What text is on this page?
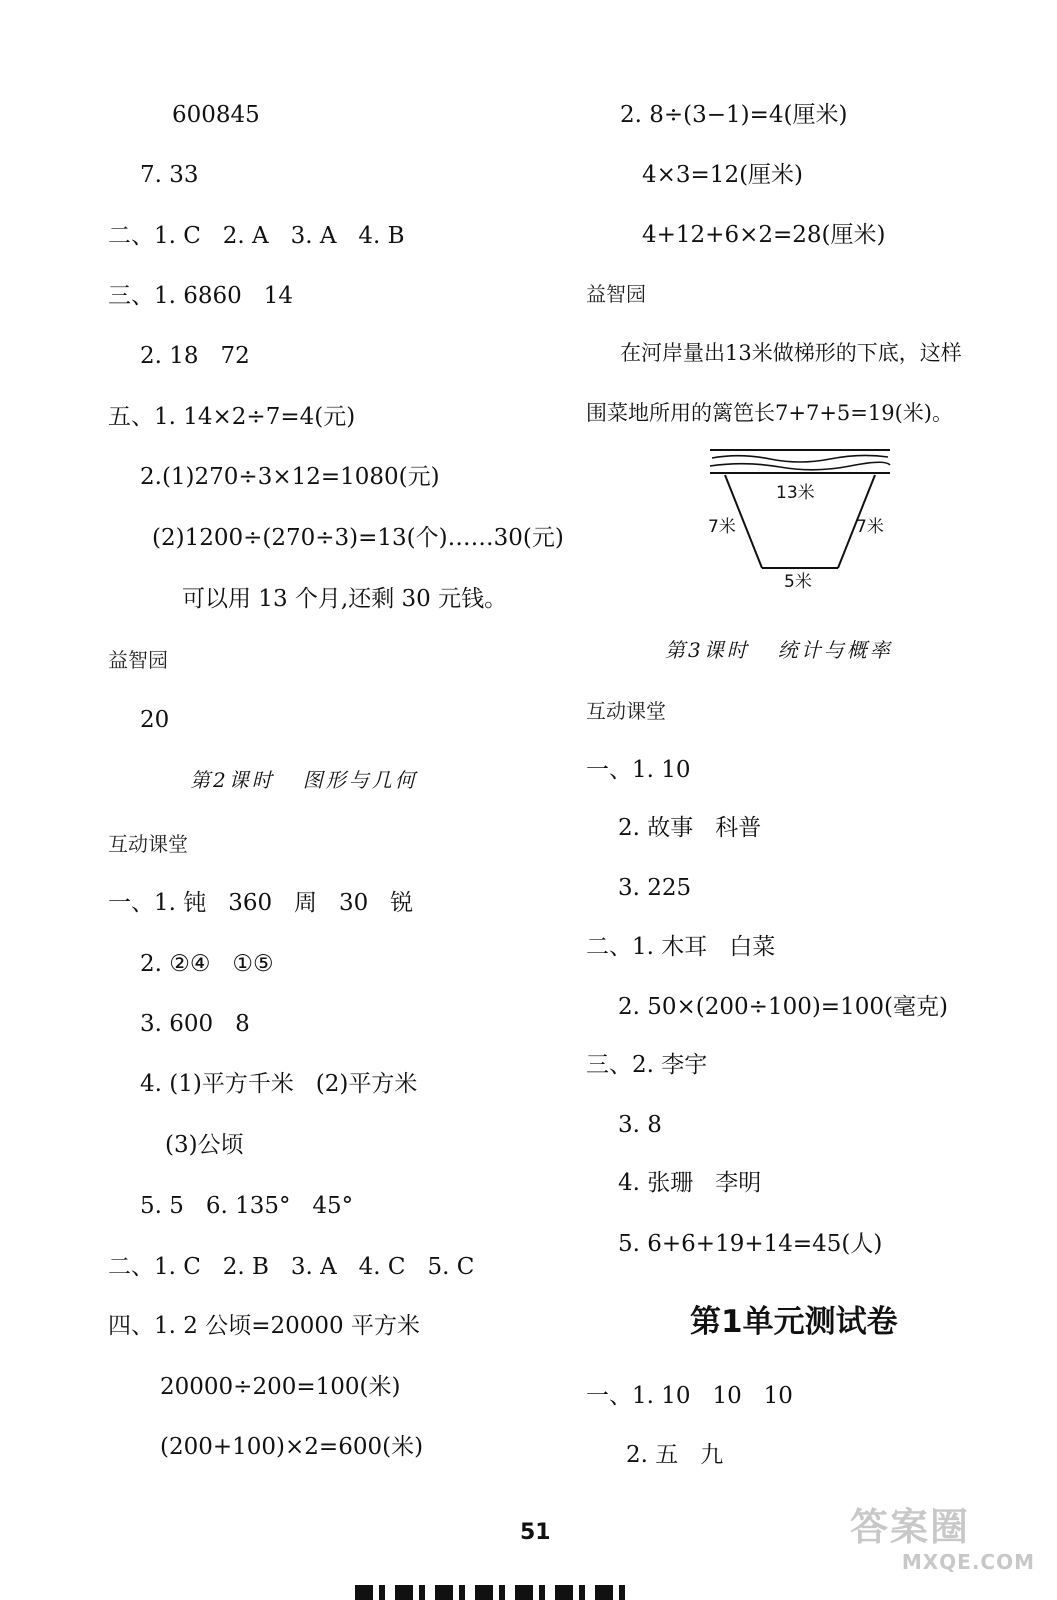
600845
7. 33
二、1. C   2. A   3. A   4. B
三、1. 6860   14
2. 18   72
五、1. 14×2÷7=4(元)
2.(1)270÷3×12=1080(元)
(2)1200÷(270÷3)=13(个)……30(元)
可以用 13 个月,还剩 30 元钱。
益智园
20
第2课时   图形与几何
互动课堂
一、1. 钝   360   周   30   锐
2. ②④   ①⑤
3. 600   8
4. (1)平方千米   (2)平方米
(3)公顷
5. 5   6. 135°   45°
二、1. C   2. B   3. A   4. C   5. C
四、1. 2 公顷=20000 平方米
20000÷200=100(米)
(200+100)×2=600(米)
2. 8÷(3−1)=4(厘米)
4×3=12(厘米)
4+12+6×2=28(厘米)
益智园
在河岸量出13米做梯形的下底，这样
围菜地所用的篱笆长7+7+5=19(米)。
13米
7米	7米
5米
第3课时   统计与概率
互动课堂
一、1. 10
2. 故事   科普
3. 225
二、1. 木耳   白菜
2. 50×(200÷100)=100(毫克)
三、2. 李宇
3. 8
4. 张珊   李明
5. 6+6+19+14=45(人)
第1单元测试卷
一、1. 10   10   10
2. 五   九
51	答案圈
MXQE.COM
